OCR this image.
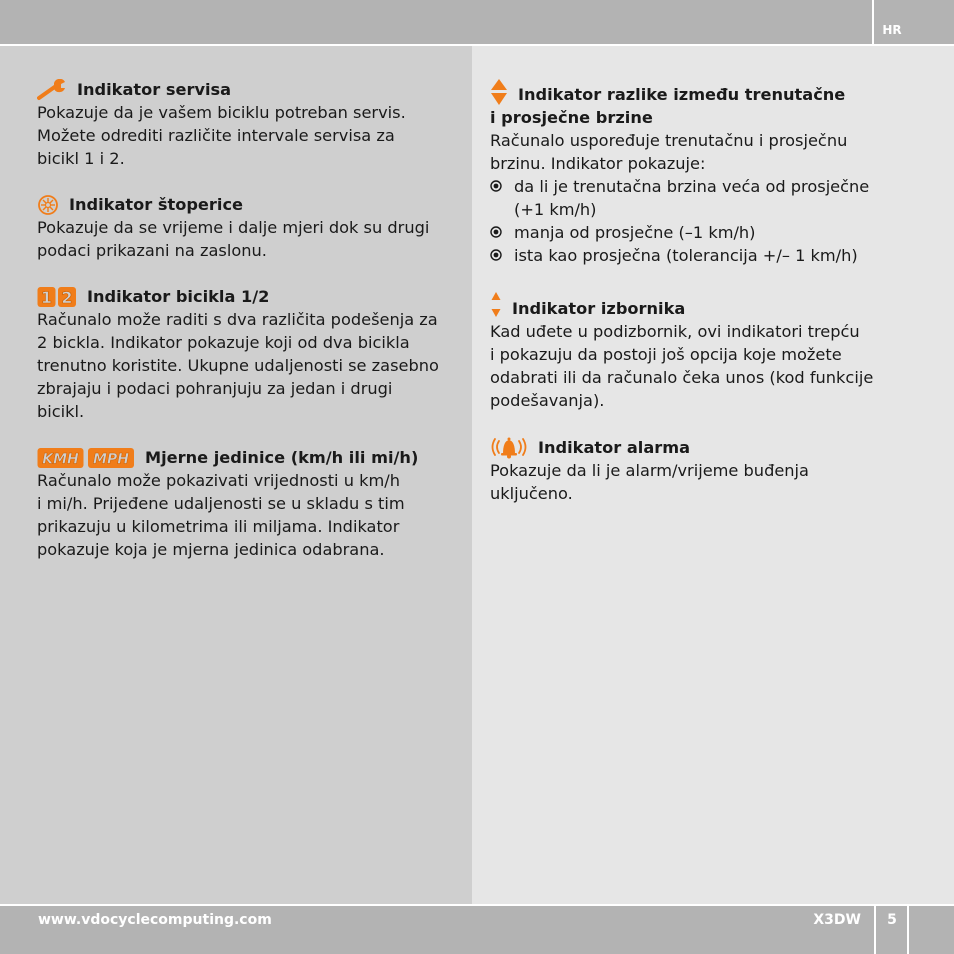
HR
Indikator servisa

Pokazuje da je vašem biciklu potreban servis.

Možete odrediti različite intervale servisa za

bicikl 1 i 2.

Indikator štoperice

Pokazuje da se vrijeme i dalje mjeri dok su drugi

podaci prikazani na zaslonu.

1 2 Indikator bicikla 1/2

Računalo može raditi s dva različita podešenja za

2 bickla. Indikator pokazuje koji od dva bicikla

trenutno koristite. Ukupne udaljenosti se zasebno

zbrajaju i podaci pohranjuju za jedan i drugi

bicikl.

KMH MPH Mjerne jedinice (km/h ili mi/h)

Računalo može pokazivati vrijednosti u km/h

i mi/h. Prijeđene udaljenosti se u skladu s tim

prikazuju u kilometrima ili miljama. Indikator

pokazuje koja je mjerna jedinica odabrana.

Indikator razlike između trenutačne

i prosječne brzine

Računalo uspoređuje trenutačnu i prosječnu

brzinu. Indikator pokazuje:

da li je trenutačna brzina veća od prosječne
(+1 km/h)
manja od prosječne (–1 km/h)
ista kao prosječna (tolerancija +/– 1 km/h)
Indikator izbornika

Kad uđete u podizbornik, ovi indikatori trepću

i pokazuju da postoji još opcija koje možete

odabrati ili da računalo čeka unos (kod funkcije

podešavanja).

Indikator alarma

Pokazuje da li je alarm/vrijeme buđenja

uključeno.

www.vdocyclecomputing.com	X3DW	5
